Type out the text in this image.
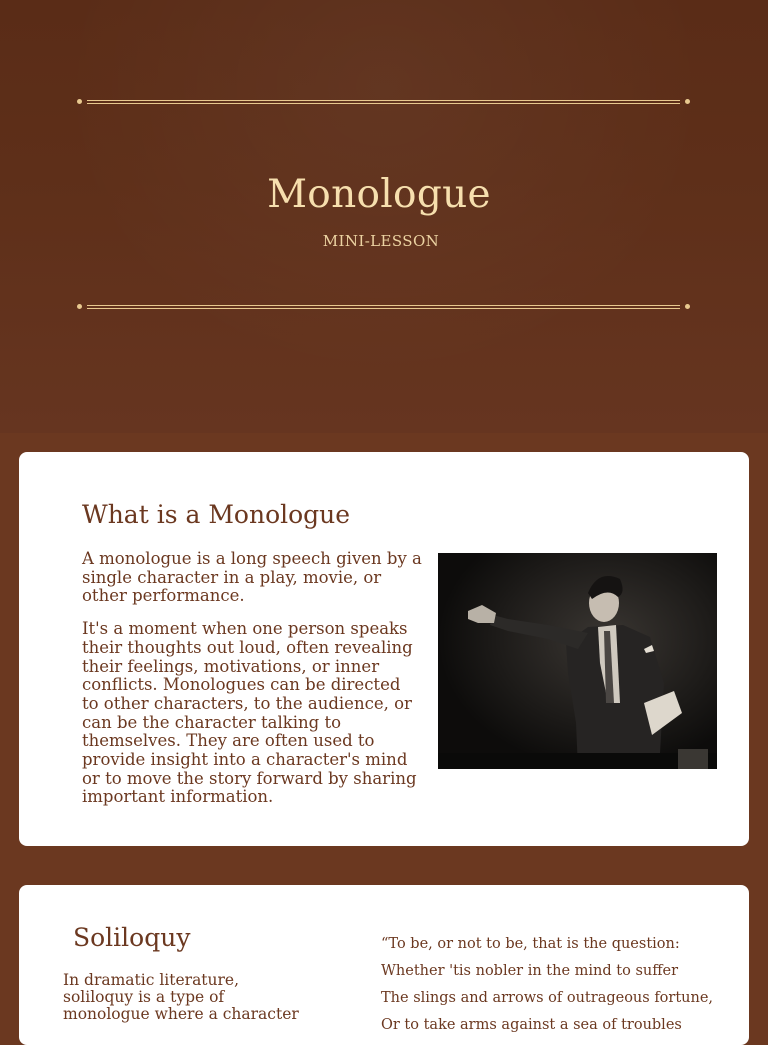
Monologue
MINI-LESSON
What is a Monologue

A monologue is a long speech given by a single character in a play, movie, or other performance.

It's a moment when one person speaks their thoughts out loud, often revealing their feelings, motivations, or inner conflicts. Monologues can be directed to other characters, to the audience, or can be the character talking to themselves. They are often used to provide insight into a character's mind or to move the story forward by sharing important information.

Soliloquy
In dramatic literature, soliloquy is a type of monologue where a character
“To be, or not to be, that is the question:
Whether 'tis nobler in the mind to suffer
The slings and arrows of outrageous fortune,
Or to take arms against a sea of troubles
